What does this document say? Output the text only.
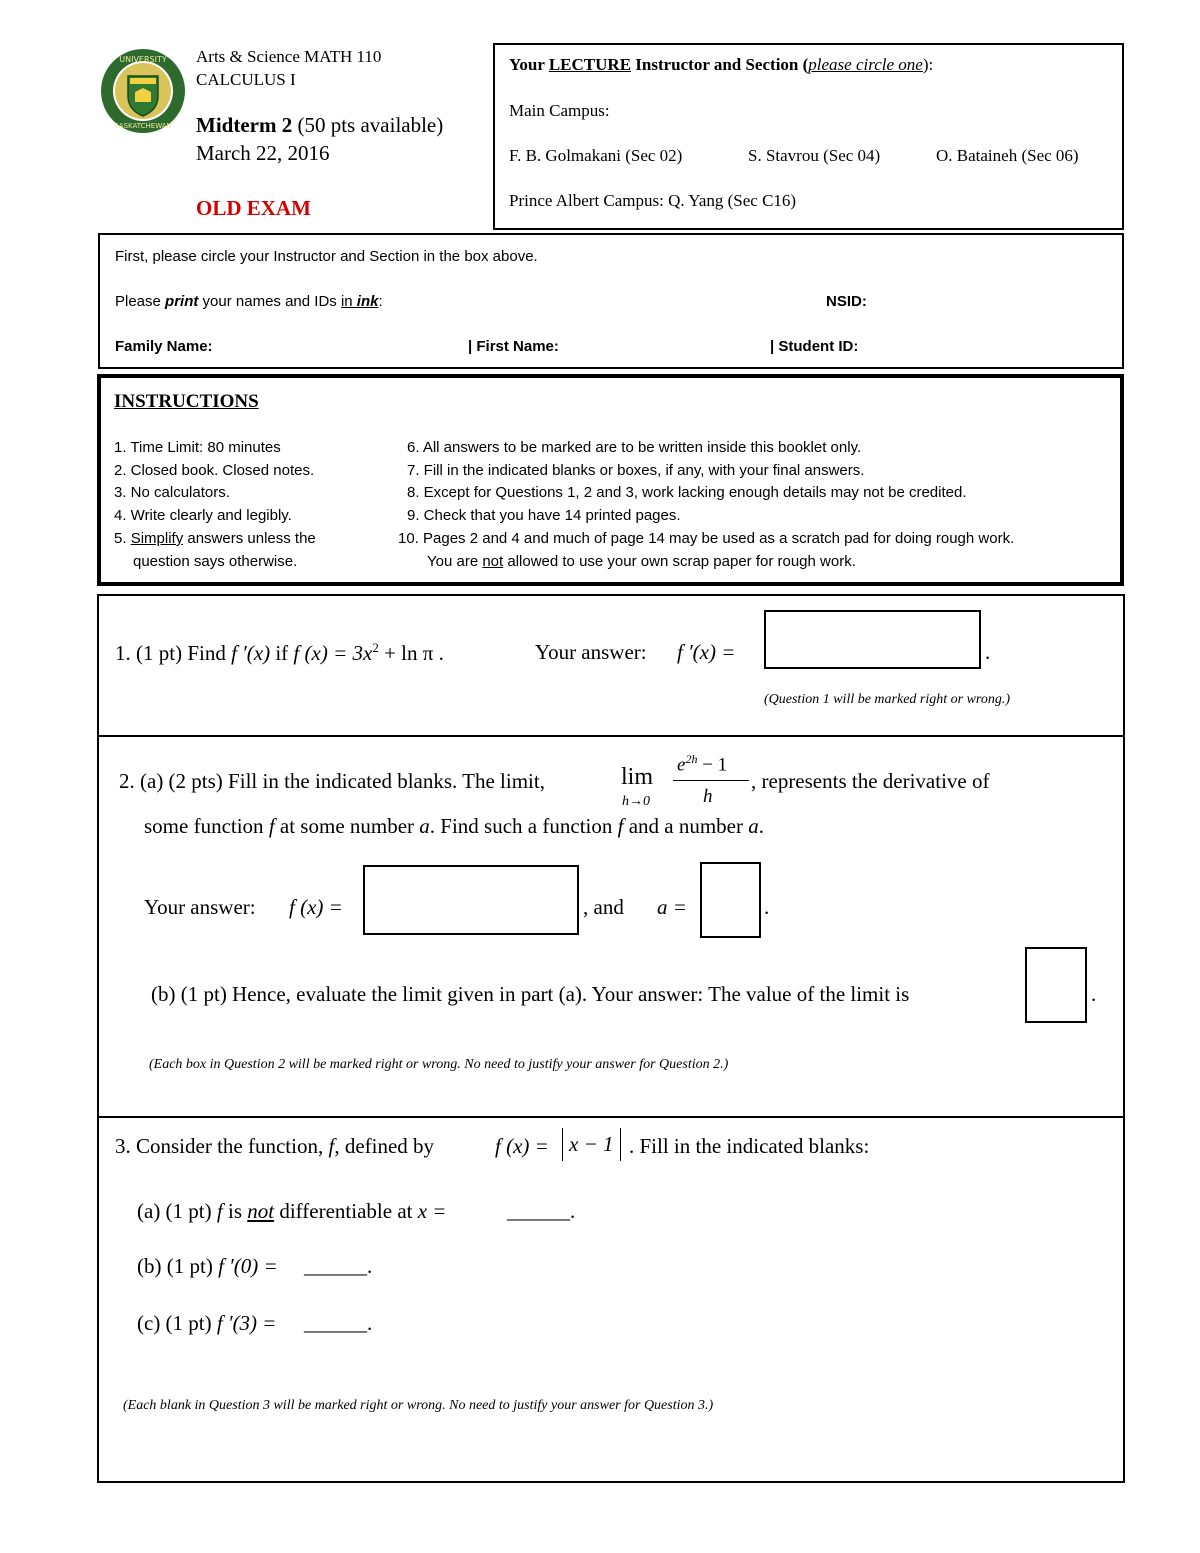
UNIVERSITY
SASKATCHEWAN
Arts & Science MATH 110
CALCULUS I
Midterm 2 (50 pts available)
March 22, 2016
OLD EXAM
Your LECTURE Instructor and Section (please circle one):
Main Campus:
F. B. Golmakani (Sec 02)	S. Stavrou (Sec 04)	O. Bataineh (Sec 06)
Prince Albert Campus: Q. Yang (Sec C16)
First, please circle your Instructor and Section in the box above.
Please print your names and IDs in ink:	NSID:
Family Name:	| First Name:	| Student ID:
INSTRUCTIONS
1. Time Limit: 80 minutes
2. Closed book. Closed notes.
3. No calculators.
4. Write clearly and legibly.
5. Simplify answers unless the
question says otherwise.
6. All answers to be marked are to be written inside this booklet only.
7. Fill in the indicated blanks or boxes, if any, with your final answers.
8. Except for Questions 1, 2 and 3, work lacking enough details may not be credited.
9. Check that you have 14 printed pages.
10. Pages 2 and 4 and much of page 14 may be used as a scratch pad for doing rough work.
You are not allowed to use your own scrap paper for rough work.
1. (1 pt) Find f ′(x) if f $(x) = 3x^2 + \ln \pi$ .	Your answer: f ′(x) =	.
(Question 1 will be marked right or wrong.)
2. (a) (2 pts) Fill in the indicated blanks. The limit,	lim
h→0
$e^{2h} - 1$
h
, represents the derivative of
some function f at some number a. Find such a function f and a number a.
Your answer: f (x) =	, and a =	.
(b) (1 pt) Hence, evaluate the limit given in part (a). Your answer: The value of the limit is	.
(Each box in Question 2 will be marked right or wrong. No need to justify your answer for Question 2.)
3. Consider the function, f, defined by	f (x) = x − 1 . Fill in the indicated blanks:
(a) (1 pt) f is not differentiable at x =	______.
(b) (1 pt) f ′(0) = ______.
(c) (1 pt) f ′(3) = ______.
(Each blank in Question 3 will be marked right or wrong. No need to justify your answer for Question 3.)
